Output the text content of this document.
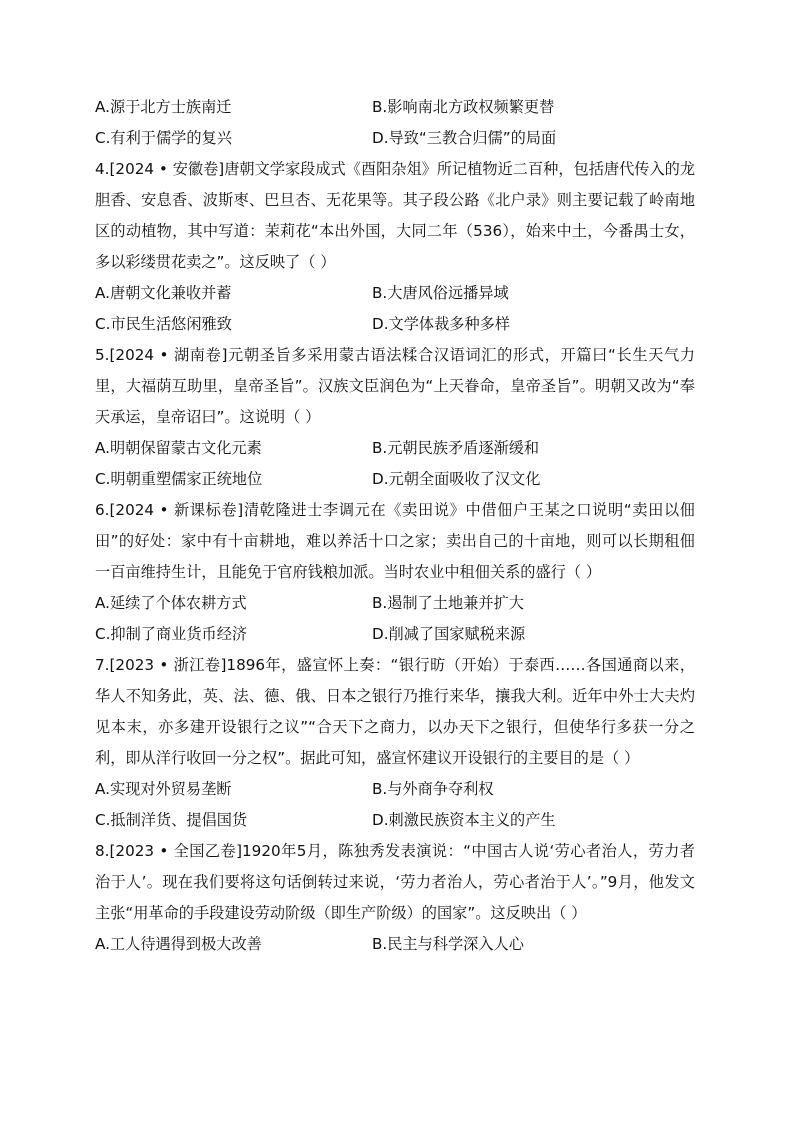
A.源于北方士族南迁	B.影响南北方政权频繁更替
C.有利于儒学的复兴	D.导致“三教合归儒”的局面
4.[2024 • 安徽卷]唐朝文学家段成式《酉阳杂俎》所记植物近二百种，包括唐代传入的龙胆香、安息香、波斯枣、巴旦杏、无花果等。其子段公路《北户录》则主要记载了岭南地区的动植物，其中写道：茉莉花“本出外国，大同二年（536），始来中土，今番禺士女，多以彩缕贯花卖之”。这反映了（ ）
A.唐朝文化兼收并蓄	B.大唐风俗远播异域
C.市民生活悠闲雅致	D.文学体裁多种多样
5.[2024 • 湖南卷]元朝圣旨多采用蒙古语法糅合汉语词汇的形式，开篇曰“长生天气力里，大福荫互助里，皇帝圣旨”。汉族文臣润色为“上天眷命，皇帝圣旨”。明朝又改为“奉天承运，皇帝诏曰”。这说明（ ）
A.明朝保留蒙古文化元素	B.元朝民族矛盾逐渐缓和
C.明朝重塑儒家正统地位	D.元朝全面吸收了汉文化
6.[2024 • 新课标卷]清乾隆进士李调元在《卖田说》中借佃户王某之口说明“卖田以佃田”的好处：家中有十亩耕地，难以养活十口之家；卖出自己的十亩地，则可以长期租佃一百亩维持生计，且能免于官府钱粮加派。当时农业中租佃关系的盛行（ ）
A.延续了个体农耕方式	B.遏制了土地兼并扩大
C.抑制了商业货币经济	D.削减了国家赋税来源
7.[2023 • 浙江卷]1896年，盛宣怀上奏：“银行昉（开始）于泰西……各国通商以来，华人不知务此，英、法、德、俄、日本之银行乃推行来华，攘我大利。近年中外士大夫灼见本末，亦多建开设银行之议”“合天下之商力，以办天下之银行，但使华行多获一分之利，即从洋行收回一分之权”。据此可知，盛宣怀建议开设银行的主要目的是（ ）
A.实现对外贸易垄断	B.与外商争夺利权
C.抵制洋货、提倡国货	D.刺激民族资本主义的产生
8.[2023 • 全国乙卷]1920年5月，陈独秀发表演说：“中国古人说‘劳心者治人，劳力者治于人’。现在我们要将这句话倒转过来说，‘劳力者治人，劳心者治于人’。”9月，他发文主张“用革命的手段建设劳动阶级（即生产阶级）的国家”。这反映出（ ）
A.工人待遇得到极大改善	B.民主与科学深入人心
